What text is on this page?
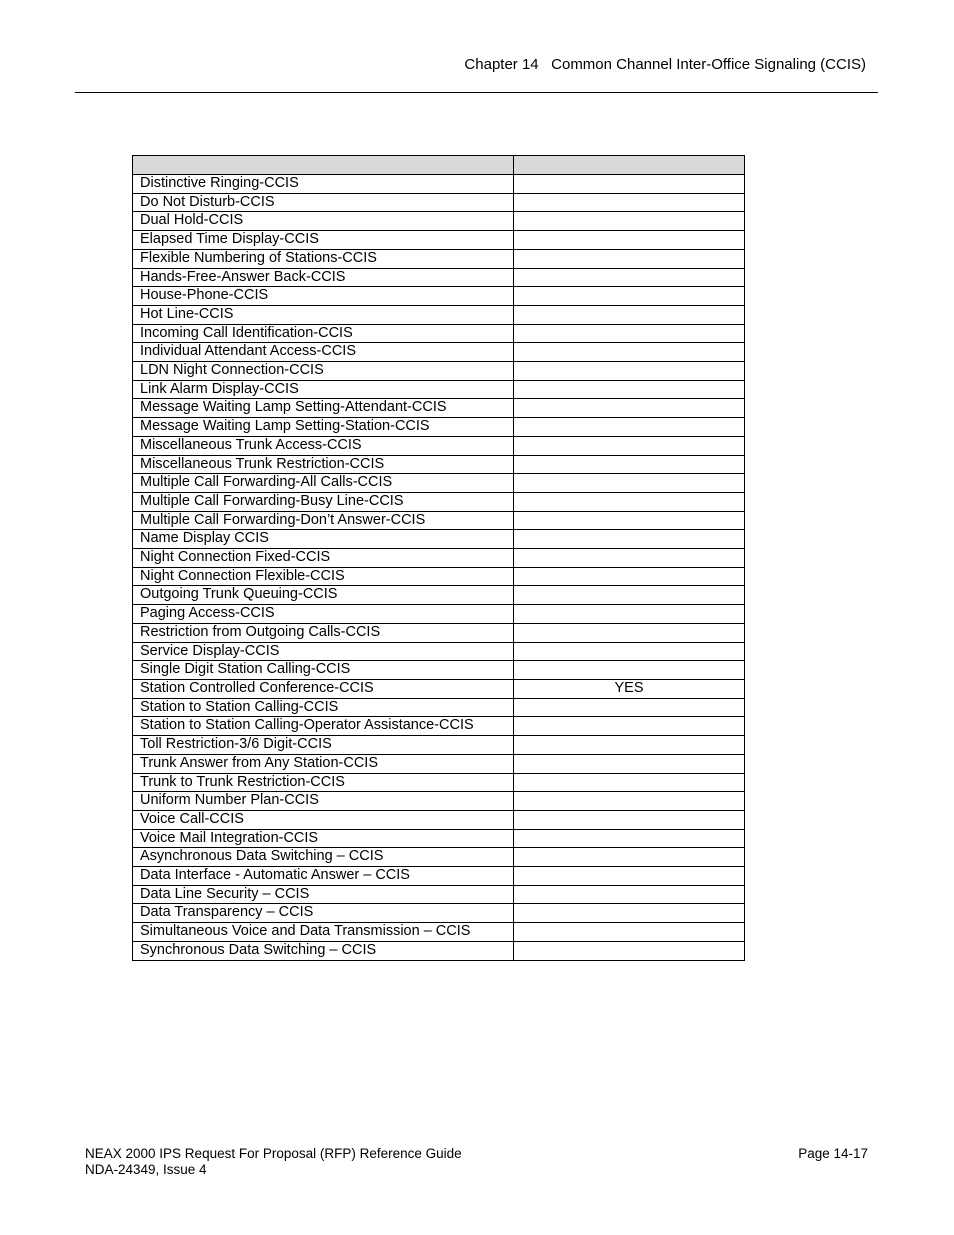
Chapter 14   Common Channel Inter-Office Signaling (CCIS)

Distinctive Ringing-CCIS	
Do Not Disturb-CCIS	
Dual Hold-CCIS	
Elapsed Time Display-CCIS	
Flexible Numbering of Stations-CCIS	
Hands-Free-Answer Back-CCIS	
House-Phone-CCIS	
Hot Line-CCIS	
Incoming Call Identification-CCIS	
Individual Attendant Access-CCIS	
LDN Night Connection-CCIS	
Link Alarm Display-CCIS	
Message Waiting Lamp Setting-Attendant-CCIS	
Message Waiting Lamp Setting-Station-CCIS	
Miscellaneous Trunk Access-CCIS	
Miscellaneous Trunk Restriction-CCIS	
Multiple Call Forwarding-All Calls-CCIS	
Multiple Call Forwarding-Busy Line-CCIS	
Multiple Call Forwarding-Don’t Answer-CCIS	
Name Display CCIS	
Night Connection Fixed-CCIS	
Night Connection Flexible-CCIS	
Outgoing Trunk Queuing-CCIS	
Paging Access-CCIS	
Restriction from Outgoing Calls-CCIS	
Service Display-CCIS	
Single Digit Station Calling-CCIS	
Station Controlled Conference-CCIS	YES
Station to Station Calling-CCIS	
Station to Station Calling-Operator Assistance-CCIS	
Toll Restriction-3/6 Digit-CCIS	
Trunk Answer from Any Station-CCIS	
Trunk to Trunk Restriction-CCIS	
Uniform Number Plan-CCIS	
Voice Call-CCIS	
Voice Mail Integration-CCIS	
Asynchronous Data Switching – CCIS	
Data Interface - Automatic Answer – CCIS	
Data Line Security – CCIS	
Data Transparency – CCIS	
Simultaneous Voice and Data Transmission – CCIS	
Synchronous Data Switching – CCIS	
NEAX 2000 IPS Request For Proposal (RFP) Reference Guide
NDA-24349, Issue 4
Page 14-17
